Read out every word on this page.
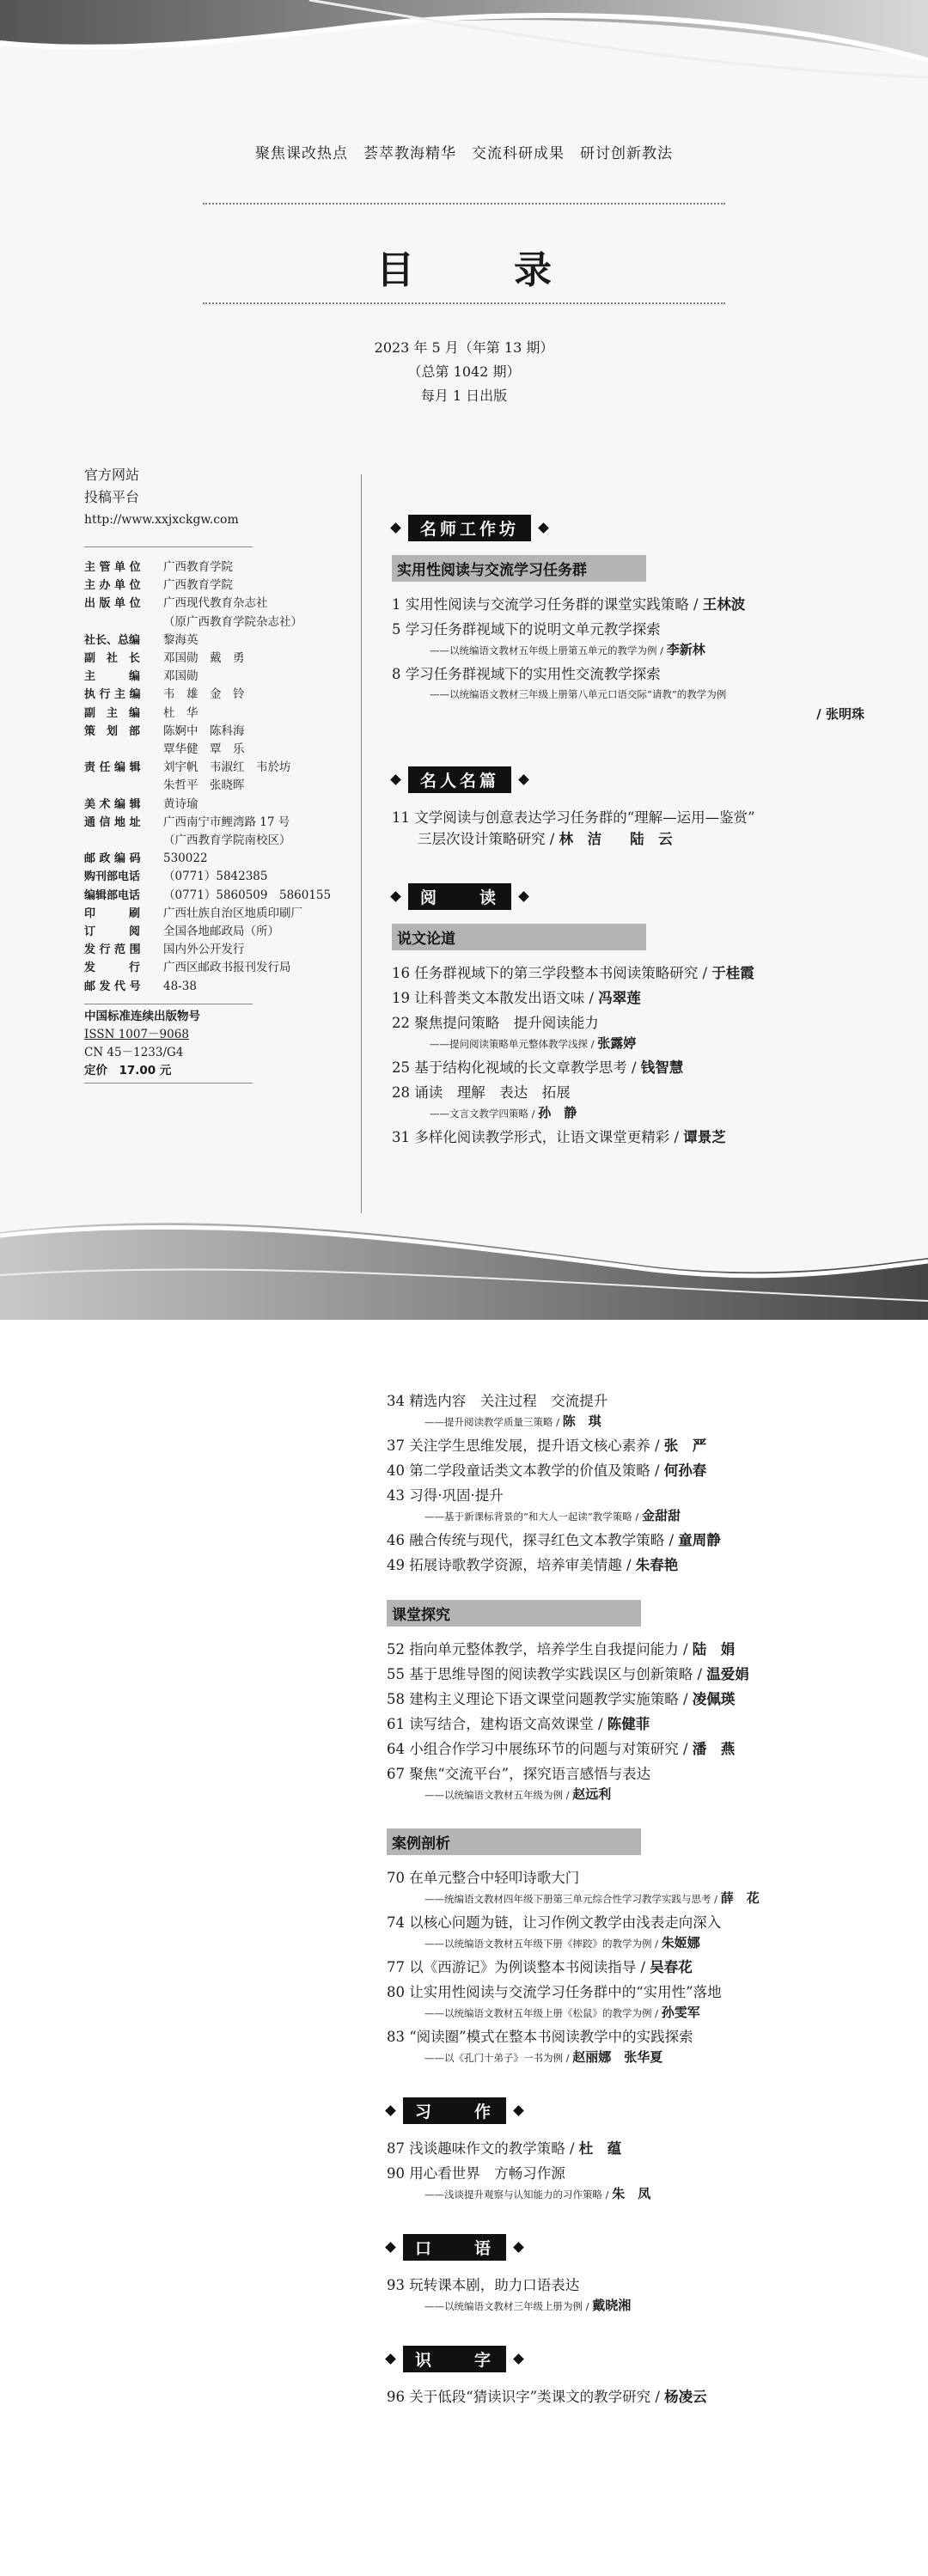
聚焦课改热点　荟萃教海精华　交流科研成果　研讨创新教法
目　录
2023 年 5 月（年第 13 期）
（总第 1042 期）
每月 1 日出版
官方网站
投稿平台
http://www.xxjxckgw.com
主 管 单 位	广西教育学院
主 办 单 位	广西教育学院
出 版 单 位	广西现代教育杂志社
（原广西教育学院杂志社）
社长、总编	黎海英
副　社　长	邓国勋　戴　勇
主　　　编	邓国勋
执 行 主 编	韦　雄　金　铃
副　主　编	杜　华
策　划　部	陈婀中　陈科海
覃华健　覃　乐
责 任 编 辑	刘宇帆　韦淑红　韦於坊
朱哲平　张晓晖
美 术 编 辑	黄诗瑜
通 信 地 址	广西南宁市鲤湾路 17 号
（广西教育学院南校区）
邮 政 编 码	530022
购刊部电话	（0771）5842385
编辑部电话	（0771）5860509　5860155
印　　　刷	广西壮族自治区地质印刷厂
订　　　阅	全国各地邮政局（所）
发 行 范 围	国内外公开发行
发　　　行	广西区邮政书报刊发行局
邮 发 代 号	48-38
中国标准连续出版物号
ISSN 1007－9068
CN 45－1233/G4
定价　17.00 元
名师工作坊
实用性阅读与交流学习任务群
1 实用性阅读与交流学习任务群的课堂实践策略 / 王林波
5 学习任务群视域下的说明文单元教学探索
——以统编语文教材五年级上册第五单元的教学为例 / 李新林
8 学习任务群视域下的实用性交流教学探索
——以统编语文教材三年级上册第八单元口语交际“请教”的教学为例
/ 张明珠
名人名篇
11 文学阅读与创意表达学习任务群的“理解—运用—鉴赏”
三层次设计策略研究 / 林　洁　　陆　云
阅　　读
说文论道
16 任务群视域下的第三学段整本书阅读策略研究 / 于桂霞
19 让科普类文本散发出语文味 / 冯翠莲
22 聚焦提问策略　提升阅读能力
——提问阅读策略单元整体教学浅探 / 张露婷
25 基于结构化视域的长文章教学思考 / 钱智慧
28 诵读　理解　表达　拓展
——文言文教学四策略 / 孙　静
31 多样化阅读教学形式，让语文课堂更精彩 / 谭景芝
34 精选内容　关注过程　交流提升
——提升阅读教学质量三策略 / 陈　琪
37 关注学生思维发展，提升语文核心素养 / 张　严
40 第二学段童话类文本教学的价值及策略 / 何孙春
43 习得·巩固·提升
——基于新课标背景的“和大人一起读”教学策略 / 金甜甜
46 融合传统与现代，探寻红色文本教学策略 / 童周静
49 拓展诗歌教学资源，培养审美情趣 / 朱春艳
课堂探究
52 指向单元整体教学，培养学生自我提问能力 / 陆　娟
55 基于思维导图的阅读教学实践误区与创新策略 / 温爱娟
58 建构主义理论下语文课堂问题教学实施策略 / 凌佩瑛
61 读写结合，建构语文高效课堂 / 陈健菲
64 小组合作学习中展练环节的问题与对策研究 / 潘　燕
67 聚焦“交流平台”，探究语言感悟与表达
——以统编语文教材五年级为例 / 赵远利
案例剖析
70 在单元整合中轻叩诗歌大门
——统编语文教材四年级下册第三单元综合性学习教学实践与思考 / 薛　花
74 以核心问题为链，让习作例文教学由浅表走向深入
——以统编语文教材五年级下册《摔跤》的教学为例 / 朱姬娜
77 以《西游记》为例谈整本书阅读指导 / 吴春花
80 让实用性阅读与交流学习任务群中的“实用性”落地
——以统编语文教材五年级上册《松鼠》的教学为例 / 孙雯军
83 “阅读圈”模式在整本书阅读教学中的实践探索
——以《孔门十弟子》一书为例 / 赵丽娜　张华夏
习　　作
87 浅谈趣味作文的教学策略 / 杜　蕴
90 用心看世界　方畅习作源
——浅谈提升观察与认知能力的习作策略 / 朱　凤
口　　语
93 玩转课本剧，助力口语表达
——以统编语文教材三年级上册为例 / 戴晓湘
识　　字
96 关于低段“猜读识字”类课文的教学研究 / 杨凌云
